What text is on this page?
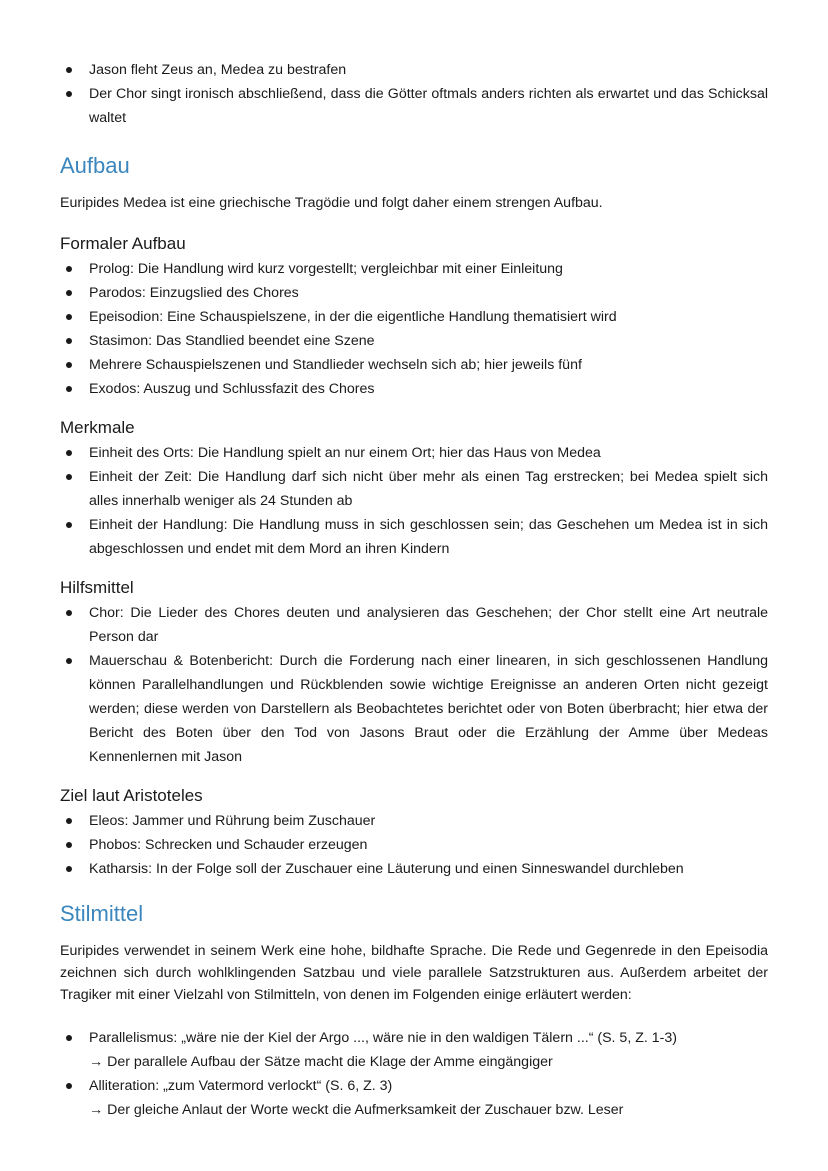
Jason fleht Zeus an, Medea zu bestrafen
Der Chor singt ironisch abschließend, dass die Götter oftmals anders richten als erwartet und das Schicksal waltet
Aufbau

Euripides Medea ist eine griechische Tragödie und folgt daher einem strengen Aufbau.

Formaler Aufbau
Prolog: Die Handlung wird kurz vorgestellt; vergleichbar mit einer Einleitung
Parodos: Einzugslied des Chores
Epeisodion: Eine Schauspielszene, in der die eigentliche Handlung thematisiert wird
Stasimon: Das Standlied beendet eine Szene
Mehrere Schauspielszenen und Standlieder wechseln sich ab; hier jeweils fünf
Exodos: Auszug und Schlussfazit des Chores
Merkmale
Einheit des Orts: Die Handlung spielt an nur einem Ort; hier das Haus von Medea
Einheit der Zeit: Die Handlung darf sich nicht über mehr als einen Tag erstrecken; bei Medea spielt sich alles innerhalb weniger als 24 Stunden ab
Einheit der Handlung: Die Handlung muss in sich geschlossen sein; das Geschehen um Medea ist in sich abgeschlossen und endet mit dem Mord an ihren Kindern
Hilfsmittel
Chor: Die Lieder des Chores deuten und analysieren das Geschehen; der Chor stellt eine Art neutrale Person dar
Mauerschau & Botenbericht: Durch die Forderung nach einer linearen, in sich geschlossenen Handlung können Parallelhandlungen und Rückblenden sowie wichtige Ereignisse an anderen Orten nicht gezeigt werden; diese werden von Darstellern als Beobachtetes berichtet oder von Boten überbracht; hier etwa der Bericht des Boten über den Tod von Jasons Braut oder die Erzählung der Amme über Medeas Kennenlernen mit Jason
Ziel laut Aristoteles
Eleos: Jammer und Rührung beim Zuschauer
Phobos: Schrecken und Schauder erzeugen
Katharsis: In der Folge soll der Zuschauer eine Läuterung und einen Sinneswandel durchleben
Stilmittel

Euripides verwendet in seinem Werk eine hohe, bildhafte Sprache. Die Rede und Gegenrede in den Epeisodia zeichnen sich durch wohlklingenden Satzbau und viele parallele Satzstrukturen aus. Außerdem arbeitet der Tragiker mit einer Vielzahl von Stilmitteln, von denen im Folgenden einige erläutert werden:

Parallelismus: „wäre nie der Kiel der Argo ..., wäre nie in den waldigen Tälern ...“ (S. 5, Z. 1-3)
→ Der parallele Aufbau der Sätze macht die Klage der Amme eingängiger
Alliteration: „zum Vatermord verlockt“ (S. 6, Z. 3)
→ Der gleiche Anlaut der Worte weckt die Aufmerksamkeit der Zuschauer bzw. Leser
